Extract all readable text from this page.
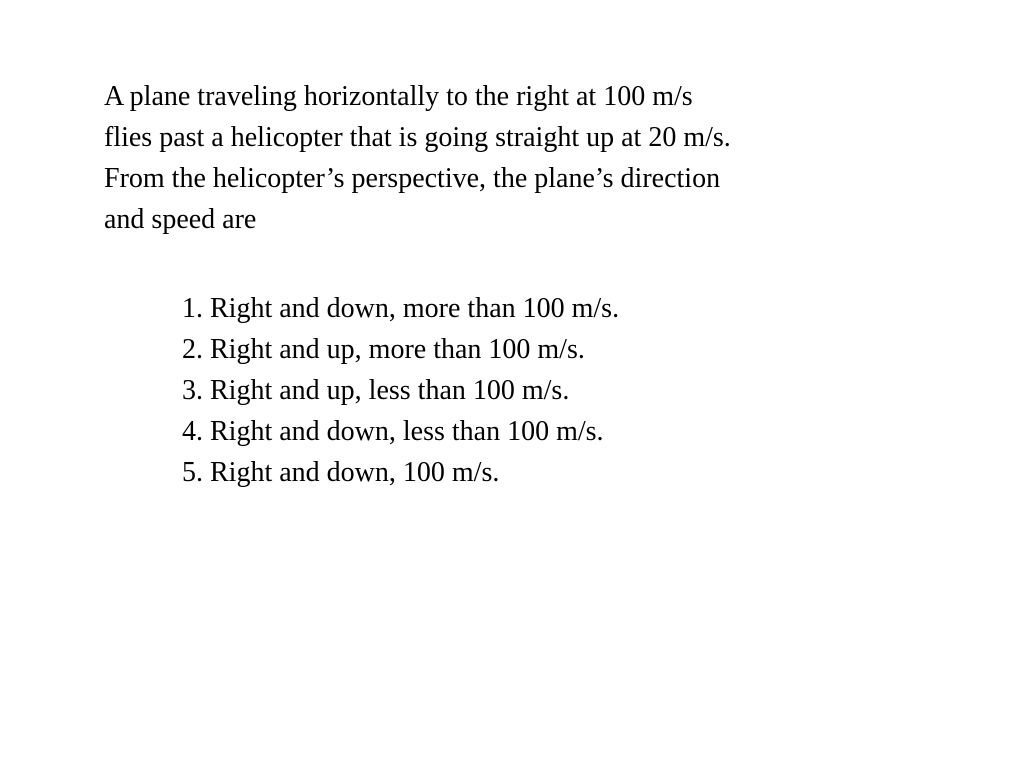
A plane traveling horizontally to the right at 100 m/s
flies past a helicopter that is going straight up at 20 m/s.
From the helicopter’s perspective, the plane’s direction
and speed are
1. Right and down, more than 100 m/s.
2. Right and up, more than 100 m/s.
3. Right and up, less than 100 m/s.
4. Right and down, less than 100 m/s.
5. Right and down, 100 m/s.
